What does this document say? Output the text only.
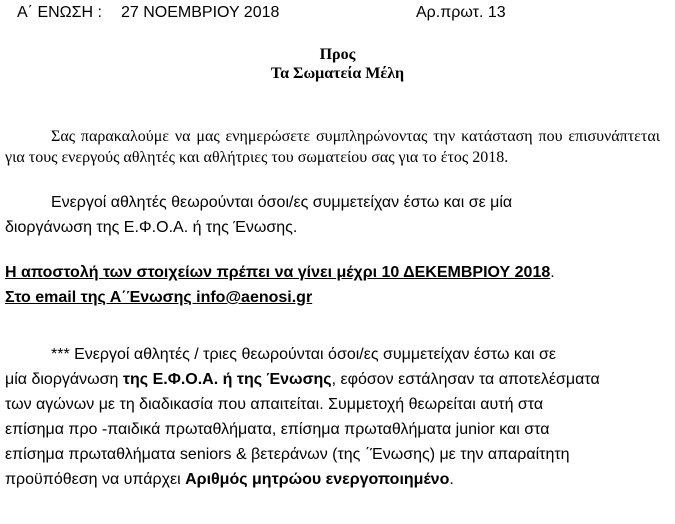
Α΄ ΕΝΩΣΗ : 27 ΝΟΕΜΒΡΙΟΥ 2018	Αρ.πρωτ. 13
Προς
Τα Σωματεία Μέλη
Σας παρακαλούμε να μας ενημερώσετε συμπληρώνοντας την κατάσταση που επισυνάπτεται για τους ενεργούς αθλητές και αθλήτριες του σωματείου σας για το έτος 2018.
Ενεργοί αθλητές θεωρούνται όσοι/ες συμμετείχαν έστω και σε μία
διοργάνωση της Ε.Φ.Ο.Α. ή της Ένωσης.
Η αποστολή των στοιχείων πρέπει να γίνει μέχρι 10 ΔΕΚΕΜΒΡΙΟΥ 2018.
Στο email της Α΄Ένωσης info@aenosi.gr
*** Ενεργοί αθλητές / τριες θεωρούνται όσοι/ες συμμετείχαν έστω και σε
μία διοργάνωση της Ε.Φ.Ο.Α. ή της Ένωσης, εφόσον εστάλησαν τα αποτελέσματα
των αγώνων με τη διαδικασία που απαιτείται. Συμμετοχή θεωρείται αυτή στα
επίσημα προ -παιδικά πρωταθλήματα, επίσημα πρωταθλήματα junior και στα
επίσημα πρωταθλήματα seniors & βετεράνων (της ΄Ένωσης) με την απαραίτητη
προϋπόθεση να υπάρχει Αριθμός μητρώου ενεργοποιημένο.
